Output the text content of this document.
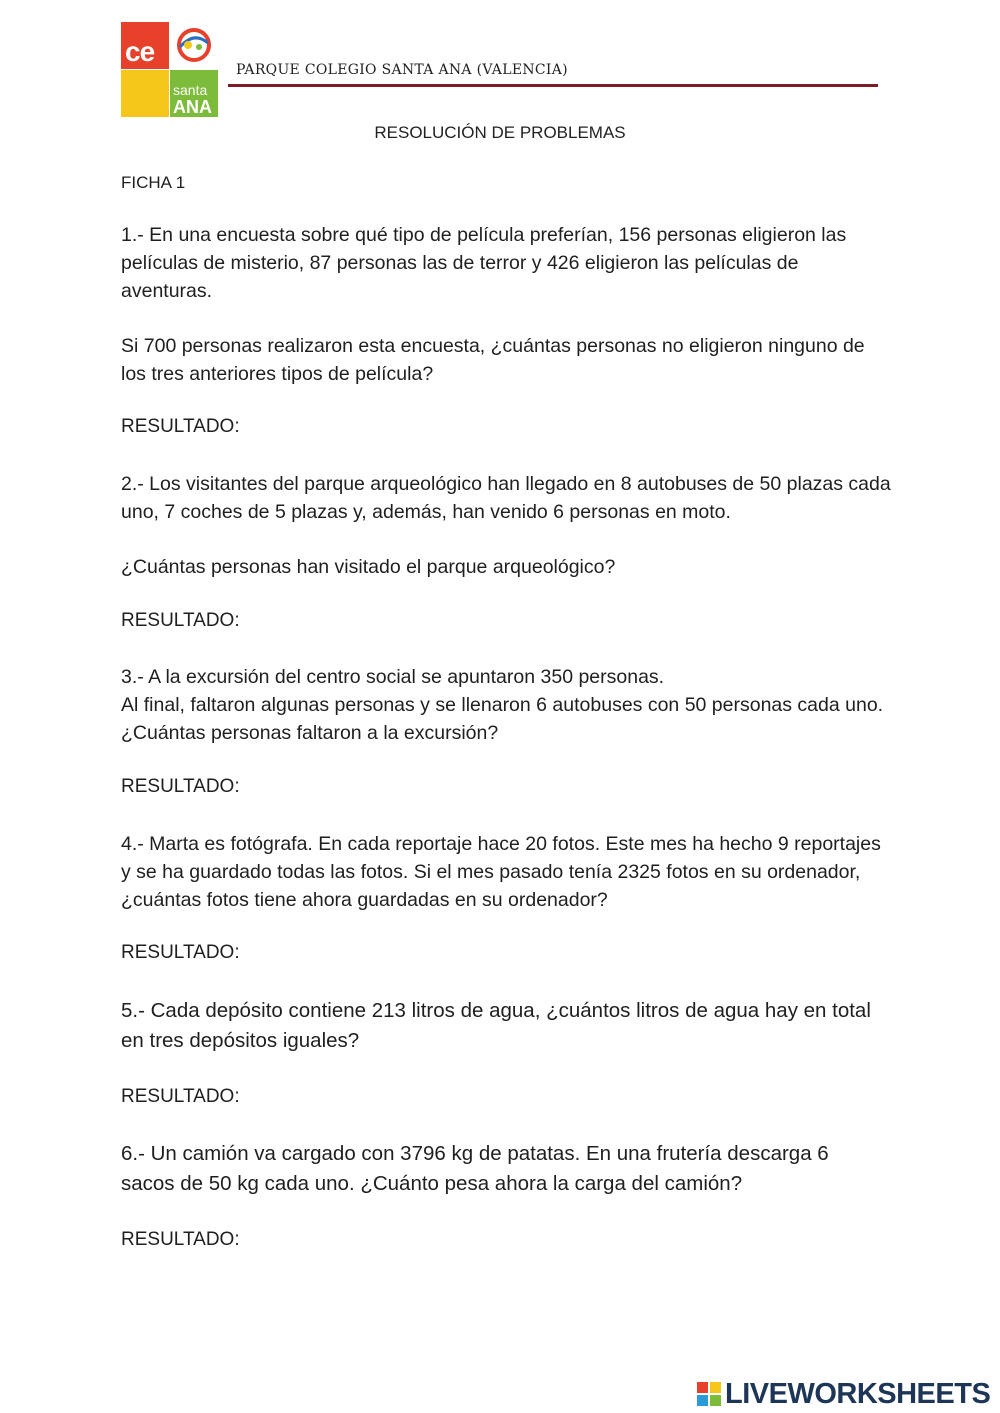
ce
santa
ANA
PARQUE COLEGIO SANTA ANA (VALENCIA)
RESOLUCIÓN DE PROBLEMAS
FICHA 1
1.- En una encuesta sobre qué tipo de película preferían, 156 personas eligieron las películas de misterio, 87 personas las de terror y 426 eligieron las películas de aventuras.
Si 700 personas realizaron esta encuesta, ¿cuántas personas no eligieron ninguno de los tres anteriores tipos de película?
RESULTADO:
2.- Los visitantes del parque arqueológico han llegado en 8 autobuses de 50 plazas cada uno, 7 coches de 5 plazas y, además, han venido 6 personas en moto.
¿Cuántas personas han visitado el parque arqueológico?
RESULTADO:
3.- A la excursión del centro social se apuntaron 350 personas.
Al final, faltaron algunas personas y se llenaron 6 autobuses con 50 personas cada uno. ¿Cuántas personas faltaron a la excursión?
RESULTADO:
4.- Marta es fotógrafa. En cada reportaje hace 20 fotos. Este mes ha hecho 9 reportajes y se ha guardado todas las fotos. Si el mes pasado tenía 2325 fotos en su ordenador, ¿cuántas fotos tiene ahora guardadas en su ordenador?
RESULTADO:
5.- Cada depósito contiene 213 litros de agua, ¿cuántos litros de agua hay en total en tres depósitos iguales?
RESULTADO:
6.- Un camión va cargado con 3796 kg de patatas. En una frutería descarga 6 sacos de 50 kg cada uno. ¿Cuánto pesa ahora la carga del camión?
RESULTADO:
LIVEWORKSHEETS
